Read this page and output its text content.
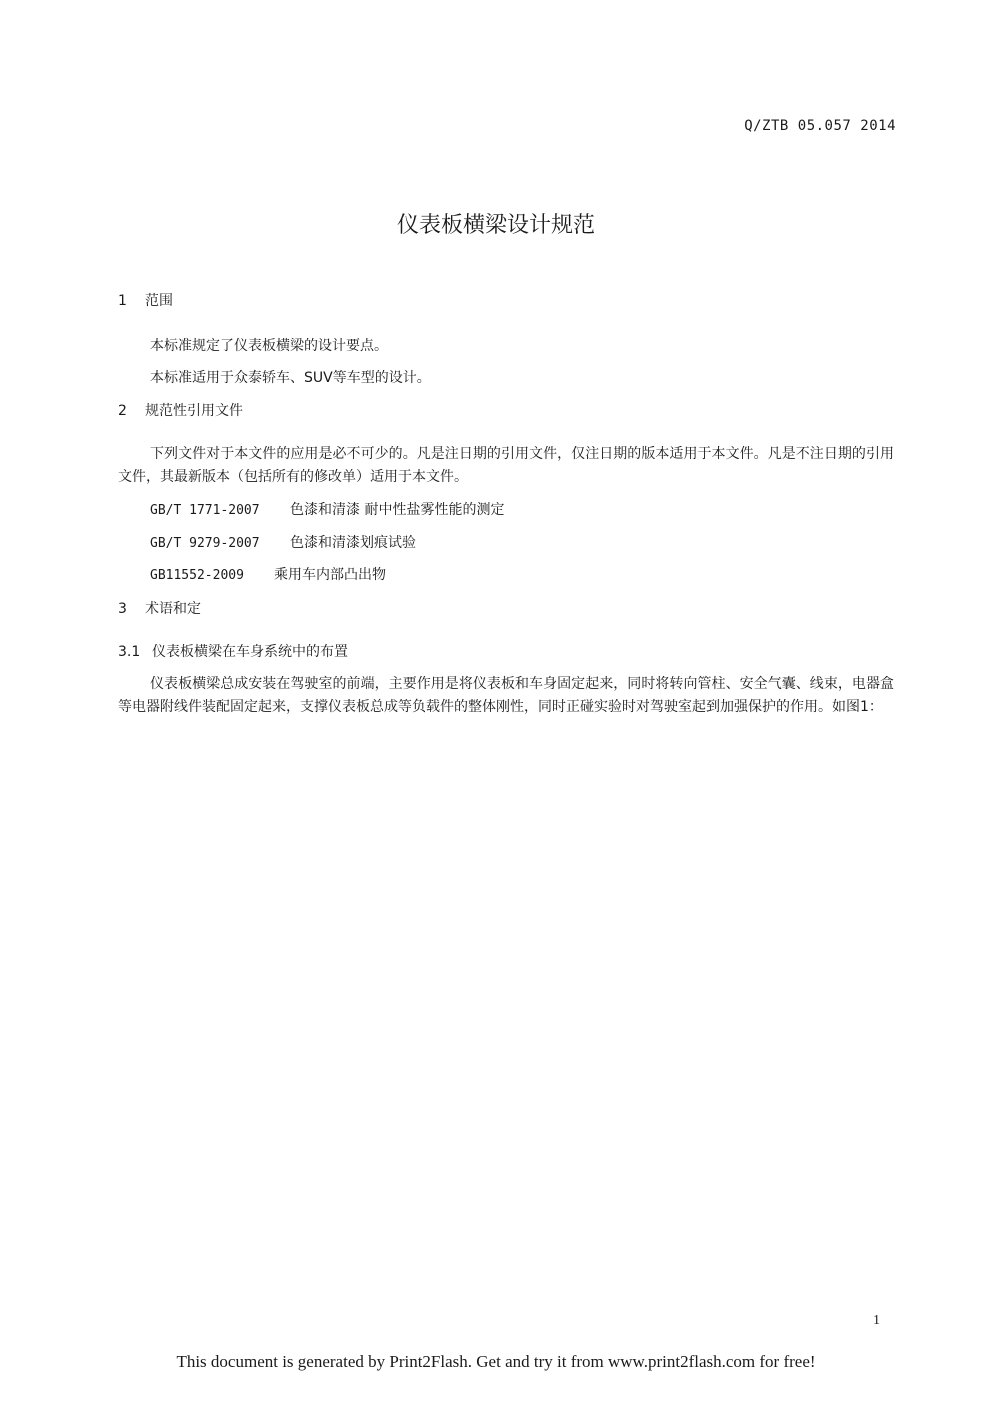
Q/ZTB 05.057 2014
仪表板横梁设计规范
1 范围

本标准规定了仪表板横梁的设计要点。

本标准适用于众泰轿车、SUV等车型的设计。

2 规范性引用文件

下列文件对于本文件的应用是必不可少的。凡是注日期的引用文件，仅注日期的版本适用于本文件。凡是不注日期的引用文件，其最新版本（包括所有的修改单）适用于本文件。

GB/T 1771-2007 色漆和清漆 耐中性盐雾性能的测定
GB/T 9279-2007 色漆和清漆划痕试验
GB11552-2009 乘用车内部凸出物
3 术语和定
3.1 仪表板横梁在车身系统中的布置

仪表板横梁总成安装在驾驶室的前端，主要作用是将仪表板和车身固定起来，同时将转向管柱、安全气囊、线束，电器盒等电器附线件装配固定起来，支撑仪表板总成等负载件的整体刚性，同时正碰实验时对驾驶室起到加强保护的作用。如图1：

1
This document is generated by Print2Flash. Get and try it from www.print2flash.com for free!
